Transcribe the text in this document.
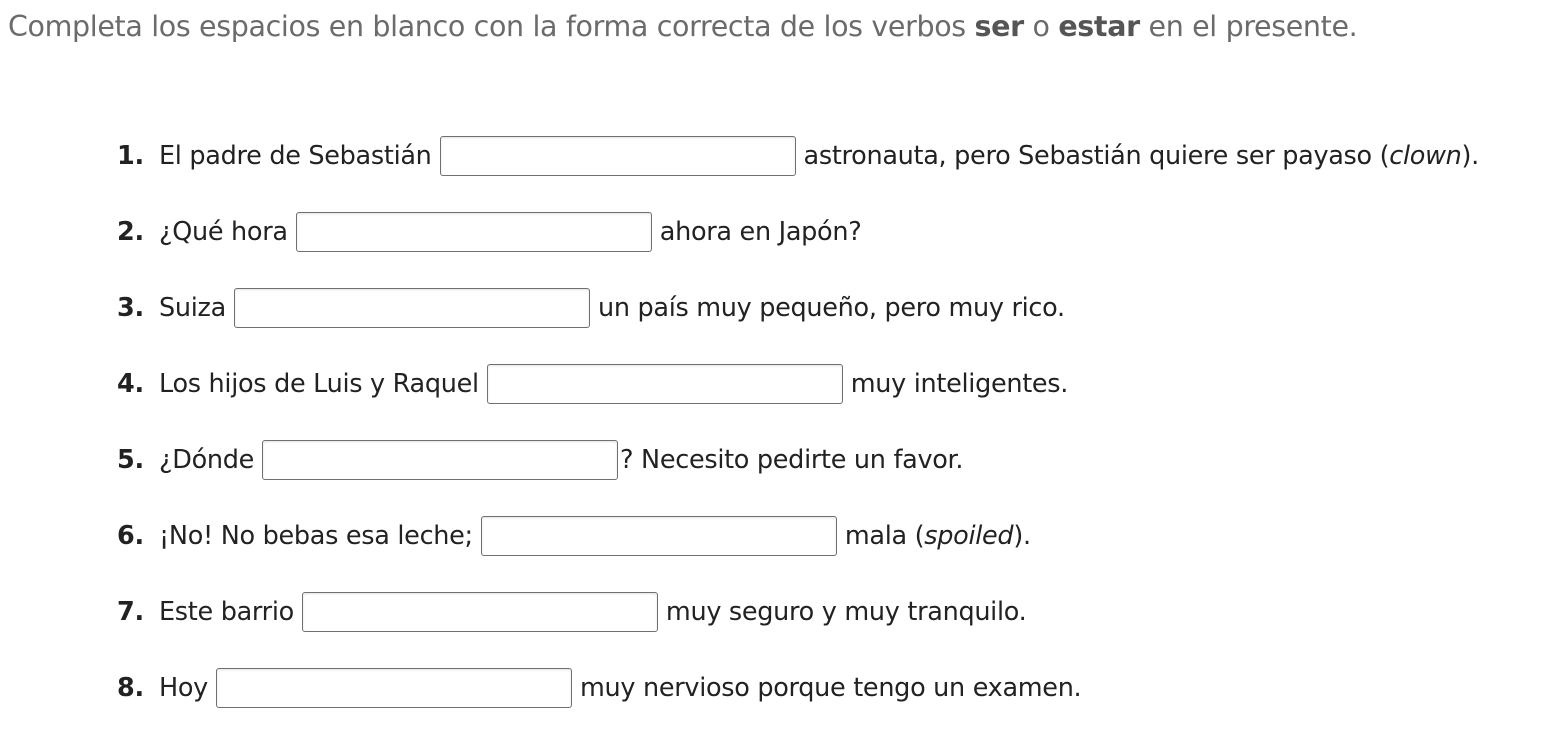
Completa los espacios en blanco con la forma correcta de los verbos ser o estar en el presente.

1. El padre de Sebastián	astronauta, pero Sebastián quiere ser payaso (clown).
2. ¿Qué hora	ahora en Japón?
3. Suiza	un país muy pequeño, pero muy rico.
4. Los hijos de Luis y Raquel	muy inteligentes.
5. ¿Dónde	? Necesito pedirte un favor.
6. ¡No! No bebas esa leche;	mala (spoiled).
7. Este barrio	muy seguro y muy tranquilo.
8. Hoy	muy nervioso porque tengo un examen.
